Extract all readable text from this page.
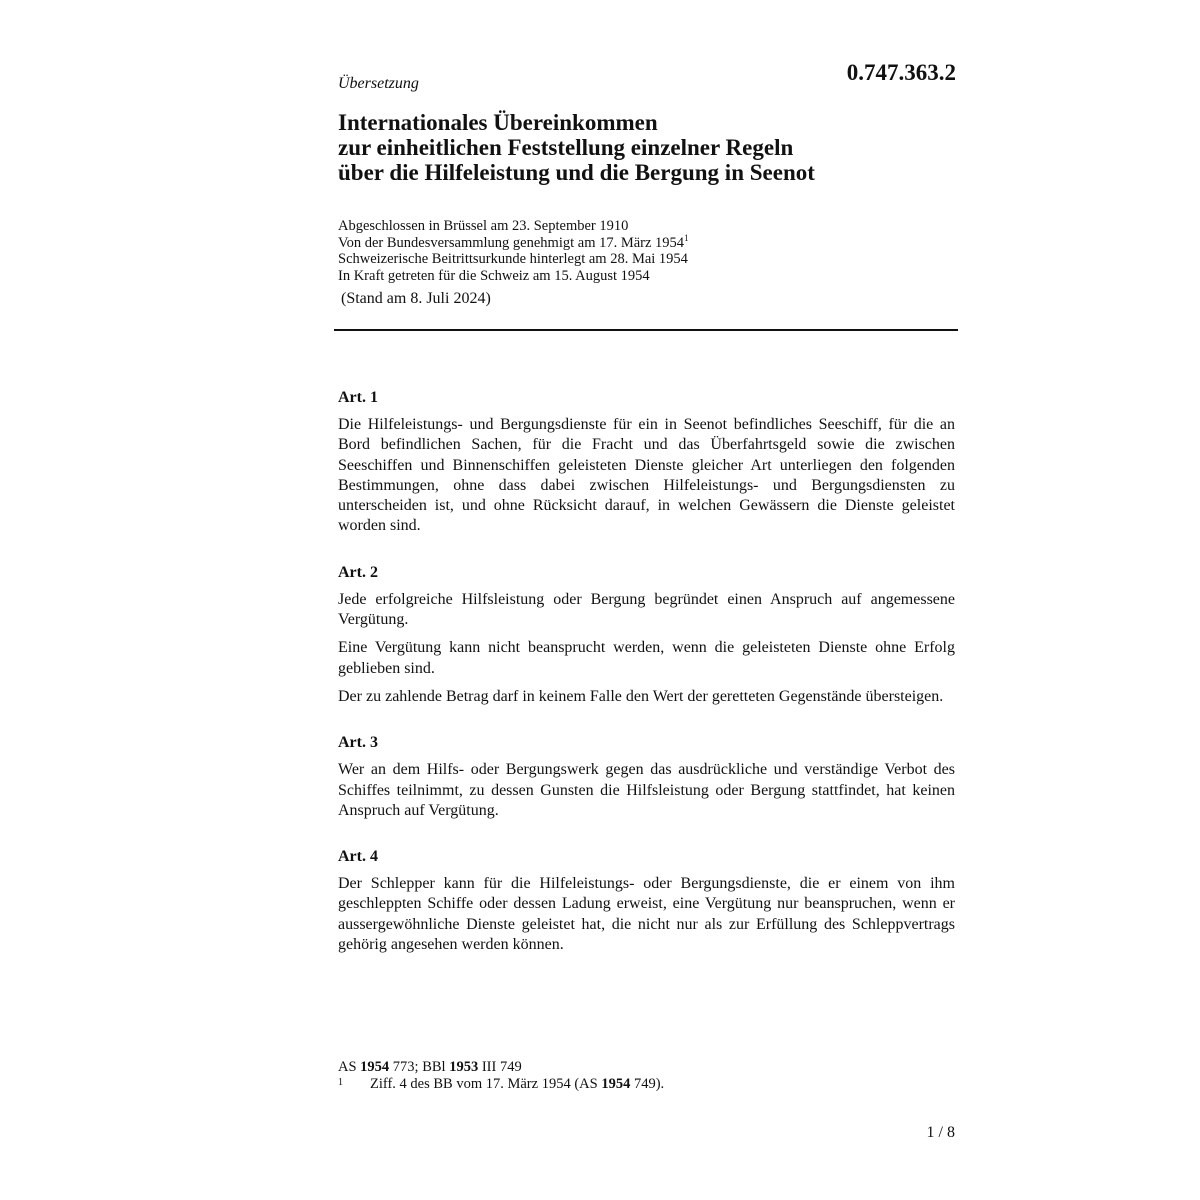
Übersetzung	0.747.363.2
Internationales Übereinkommen
zur einheitlichen Feststellung einzelner Regeln
über die Hilfeleistung und die Bergung in Seenot
Abgeschlossen in Brüssel am 23. September 1910
Von der Bundesversammlung genehmigt am 17. März 1954$^1$
Schweizerische Beitrittsurkunde hinterlegt am 28. Mai 1954
In Kraft getreten für die Schweiz am 15. August 1954
(Stand am 8. Juli 2024)
Art. 1

Die Hilfeleistungs- und Bergungsdienste für ein in Seenot befindliches Seeschiff, für die an Bord befindlichen Sachen, für die Fracht und das Überfahrtsgeld sowie die zwischen Seeschiffen und Binnenschiffen geleisteten Dienste gleicher Art unterliegen den folgenden Bestimmungen, ohne dass dabei zwischen Hilfeleistungs- und Bergungsdiensten zu unterscheiden ist, und ohne Rücksicht darauf, in welchen Gewässern die Dienste geleistet worden sind.

Art. 2

Jede erfolgreiche Hilfsleistung oder Bergung begründet einen Anspruch auf angemessene Vergütung.

Eine Vergütung kann nicht beansprucht werden, wenn die geleisteten Dienste ohne Erfolg geblieben sind.

Der zu zahlende Betrag darf in keinem Falle den Wert der geretteten Gegenstände übersteigen.

Art. 3

Wer an dem Hilfs- oder Bergungswerk gegen das ausdrückliche und verständige Verbot des Schiffes teilnimmt, zu dessen Gunsten die Hilfsleistung oder Bergung stattfindet, hat keinen Anspruch auf Vergütung.

Art. 4

Der Schlepper kann für die Hilfeleistungs- oder Bergungsdienste, die er einem von ihm geschleppten Schiffe oder dessen Ladung erweist, eine Vergütung nur beanspruchen, wenn er aussergewöhnliche Dienste geleistet hat, die nicht nur als zur Erfüllung des Schleppvertrags gehörig angesehen werden können.

AS 1954 773; BBl 1953 III 749
1	Ziff. 4 des BB vom 17. März 1954 (AS 1954 749).
1 / 8
